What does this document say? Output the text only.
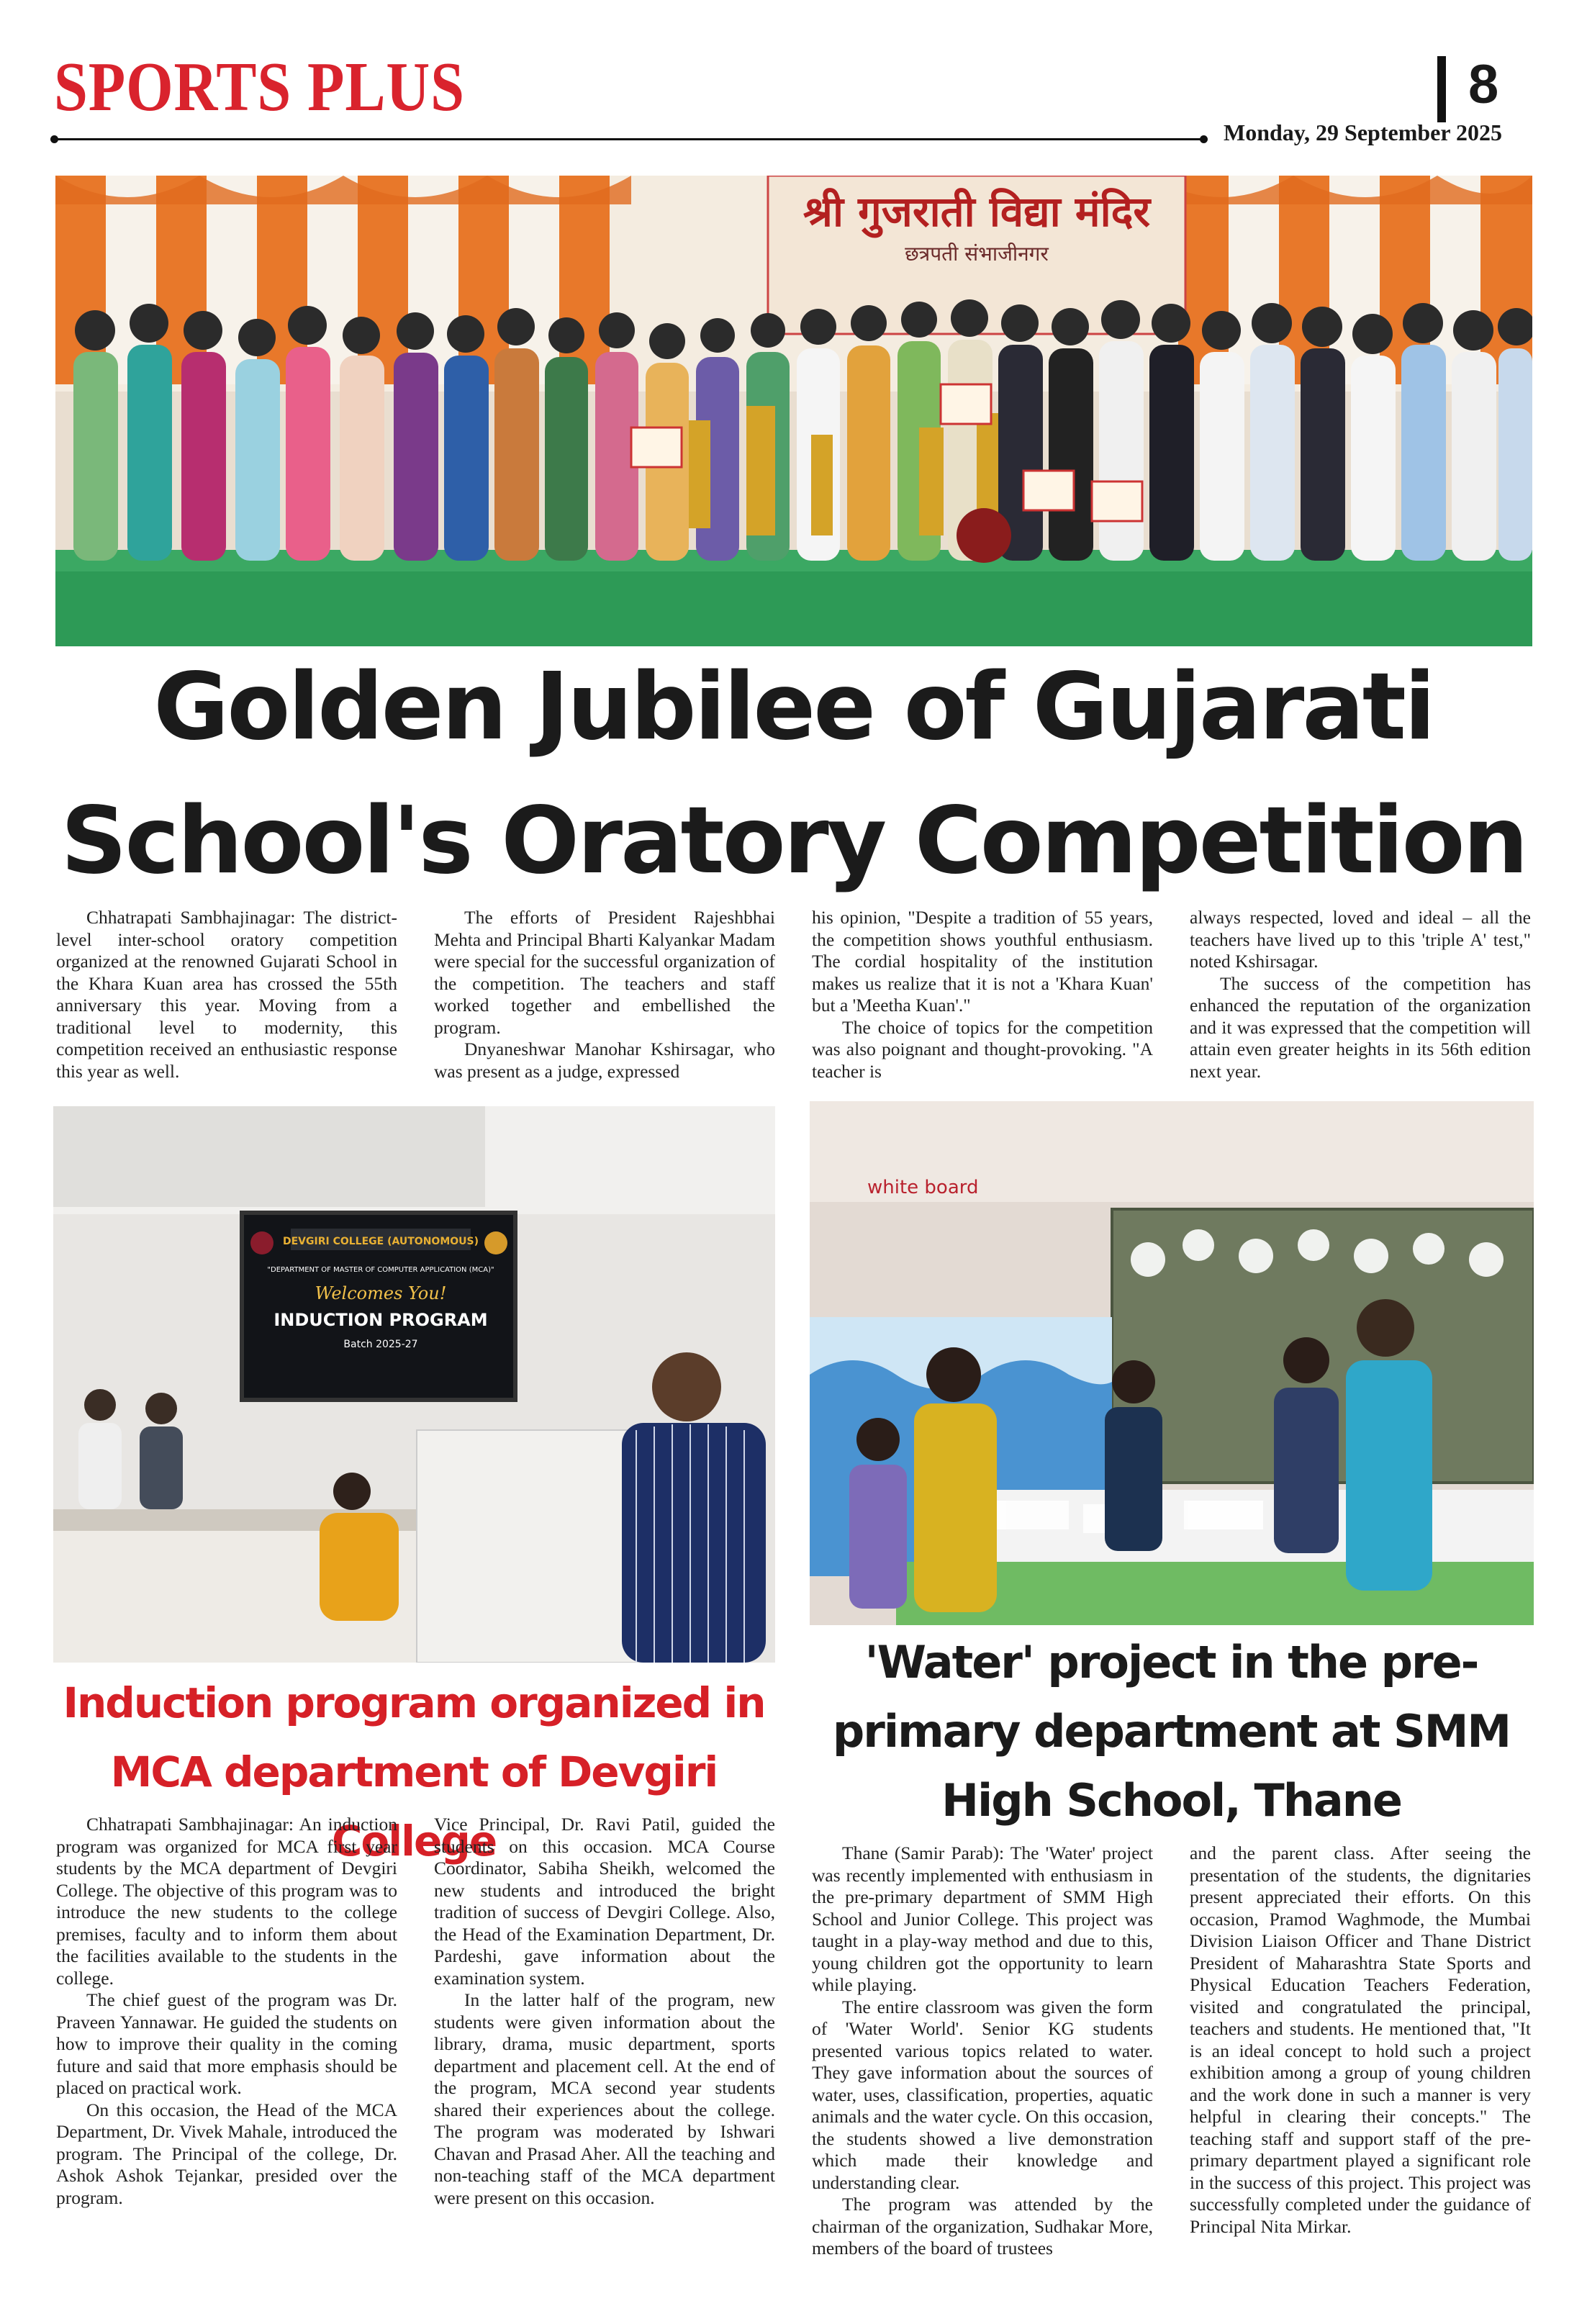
SPORTS PLUS	8
Monday, 29 September 2025
श्री गुजराती विद्या मंदिर
छत्रपती संभाजीनगर
Golden Jubilee of Gujarati School's Oratory Competition

Chhatrapati Sambhajinagar: The district-level inter-school oratory competition organized at the renowned Gujarati School in the Khara Kuan area has crossed the 55th anniversary this year. Moving from a traditional level to modernity, this competition received an enthusiastic response this year as well.

The efforts of President Rajeshbhai Mehta and Principal Bharti Kalyankar Madam were special for the successful organization of the competition. The teachers and staff worked together and embellished the program.

Dnyaneshwar Manohar Kshirsagar, who was present as a judge, expressed

his opinion, "Despite a tradition of 55 years, the competition shows youthful enthusiasm. The cordial hospitality of the institution makes us realize that it is not a 'Khara Kuan' but a 'Meetha Kuan'."

The choice of topics for the competition was also poignant and thought-provoking. "A teacher is

always respected, loved and ideal – all the teachers have lived up to this 'triple A' test," noted Kshirsagar.

The success of the competition has enhanced the reputation of the organization and it was expressed that the competition will attain even greater heights in its 56th edition next year.

DEVGIRI COLLEGE (AUTONOMOUS)
"DEPARTMENT OF MASTER OF COMPUTER APPLICATION (MCA)"
Welcomes You!
INDUCTION PROGRAM
Batch 2025-27
white board
Induction program organized in MCA department of Devgiri College

Chhatrapati Sambhajinagar: An induction program was organized for MCA first year students by the MCA department of Devgiri College. The objective of this program was to introduce the new students to the college premises, faculty and to inform them about the facilities available to the students in the college.

The chief guest of the program was Dr. Praveen Yannawar. He guided the students on how to improve their quality in the coming future and said that more emphasis should be placed on practical work.

On this occasion, the Head of the MCA Department, Dr. Vivek Mahale, introduced the program. The Principal of the college, Dr. Ashok Ashok Tejankar, presided over the program.

Vice Principal, Dr. Ravi Patil, guided the students on this occasion. MCA Course Coordinator, Sabiha Sheikh, welcomed the new students and introduced the bright tradition of success of Devgiri College. Also, the Head of the Examination Department, Dr. Pardeshi, gave information about the examination system.

In the latter half of the program, new students were given information about the library, drama, music department, sports department and placement cell. At the end of the program, MCA second year students shared their experiences about the college. The program was moderated by Ishwari Chavan and Prasad Aher. All the teaching and non-teaching staff of the MCA department were present on this occasion.

'Water' project in the pre-primary department at SMM High School, Thane

Thane (Samir Parab): The 'Water' project was recently implemented with enthusiasm in the pre-primary department of SMM High School and Junior College. This project was taught in a play-way method and due to this, young children got the opportunity to learn while playing.

The entire classroom was given the form of 'Water World'. Senior KG students presented various topics related to water. They gave information about the sources of water, uses, classification, properties, aquatic animals and the water cycle. On this occasion, the students showed a live demonstration which made their knowledge and understanding clear.

The program was attended by the chairman of the organization, Sudhakar More, members of the board of trustees

and the parent class. After seeing the presentation of the students, the dignitaries present appreciated their efforts. On this occasion, Pramod Waghmode, the Mumbai Division Liaison Officer and Thane District President of Maharashtra State Sports and Physical Education Teachers Federation, visited and congratulated the principal, teachers and students. He mentioned that, "It is an ideal concept to hold such a project exhibition among a group of young children and the work done in such a manner is very helpful in clearing their concepts." The teaching staff and support staff of the pre-primary department played a significant role in the success of this project. This project was successfully completed under the guidance of Principal Nita Mirkar.
